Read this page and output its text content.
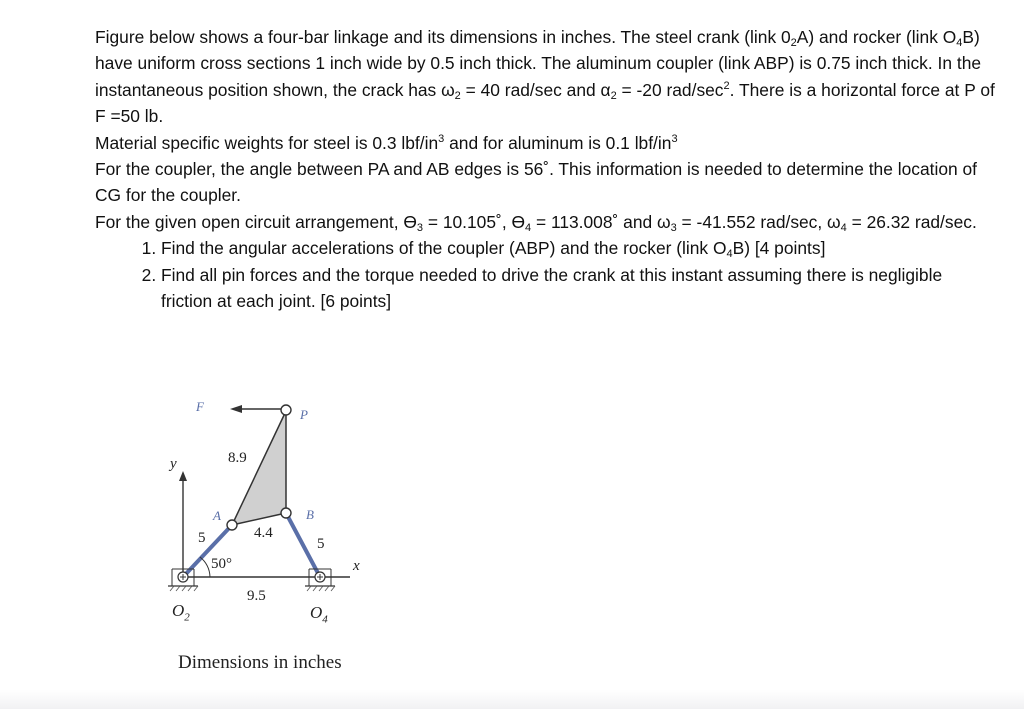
Figure below shows a four-bar linkage and its dimensions in inches. The steel crank (link $0_2A$) and rocker (link $O_4B$) have uniform cross sections 1 inch wide by 0.5 inch thick. The aluminum coupler (link ABP) is 0.75 inch thick. In the instantaneous position shown, the crack has $\omega_2 = 40$ rad/sec and $\alpha_2 = -20$ rad/$\sec^2$. There is a horizontal force at P of F =50 lb.

Material specific weights for steel is 0.3 lbf/$in^3$ and for aluminum is 0.1 lbf/$in^3$

For the coupler, the angle between PA and AB edges is 56˚. This information is needed to determine the location of CG for the coupler.

For the given open circuit arrangement, $ϴ_3$ = 10.105˚, $ϴ_4$ = 113.008˚ and $\omega_3 = -41.552$ rad/sec, $\omega_4 = 26.32$ rad/sec.

1. Find the angular accelerations of the coupler (ABP) and the rocker (link $O_4B$) [4 points]
2. Find all pin forces and the torque needed to drive the crank at this instant assuming there is negligible friction at each joint. [6 points]
F
P
y	8.9
A	B
4.4
5	5
50°	x
9.5
$O_2$	$O_4$
Dimensions in inches
